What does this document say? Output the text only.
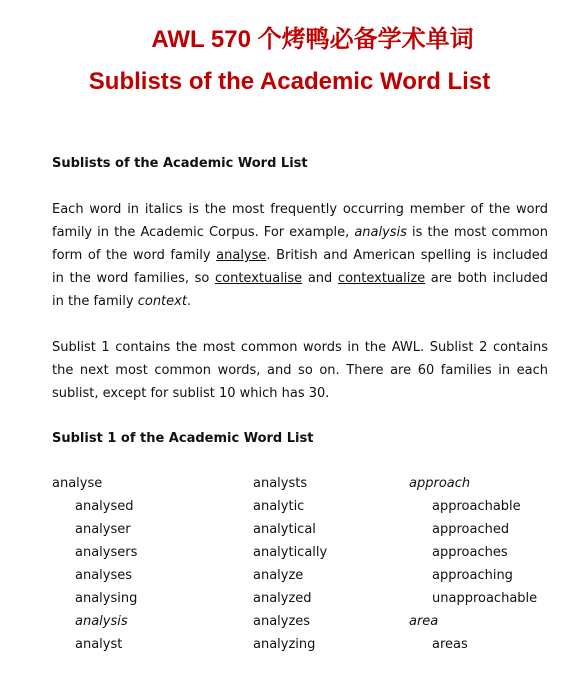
AWL 570 个烤鸭必备学术单词
Sublists of the Academic Word List
Sublists of the Academic Word List

Each word in italics is the most frequently occurring member of the word family in the Academic Corpus. For example, analysis is the most common form of the word family analyse. British and American spelling is included in the word families, so contextualise and contextualize are both included in the family context.

Sublist 1 contains the most common words in the AWL. Sublist 2 contains the next most common words, and so on. There are 60 families in each sublist, except for sublist 10 which has 30.

Sublist 1 of the Academic Word List
analyse
analysed
analyser
analysers
analyses
analysing
analysis
analyst
analysts
analytic
analytical
analytically
analyze
analyzed
analyzes
analyzing
approach
approachable
approached
approaches
approaching
unapproachable
area
areas
